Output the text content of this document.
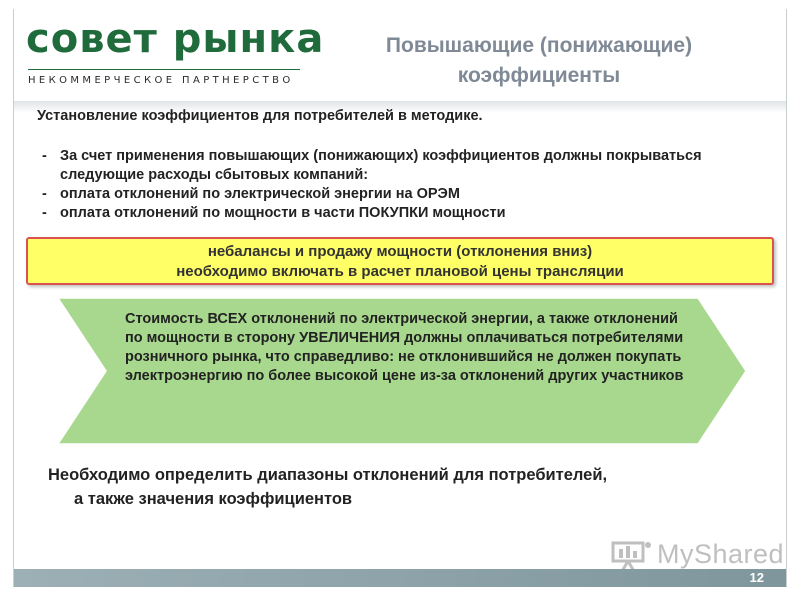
совет рынка
НЕКОММЕРЧЕСКОЕ ПАРТНЕРСТВО
Повышающие (понижающие)
коэффициенты
Установление коэффициентов для потребителей в методике.
- За счет применения повышающих (понижающих) коэффициентов должны покрываться следующие расходы сбытовых компаний:
- оплата отклонений по электрической энергии на ОРЭМ
- оплата отклонений по мощности в части ПОКУПКИ мощности
небалансы и продажу мощности (отклонения вниз)
необходимо включать в расчет плановой цены трансляции
Стоимость ВСЕХ отклонений по электрической энергии, а также отклонений по мощности в сторону УВЕЛИЧЕНИЯ должны оплачиваться потребителями розничного рынка, что справедливо: не отклонившийся не должен покупать электроэнергию по более высокой цене из-за отклонений других участников
Необходимо определить диапазоны отклонений для потребителей,
а также значения коэффициентов
MyShared
12
